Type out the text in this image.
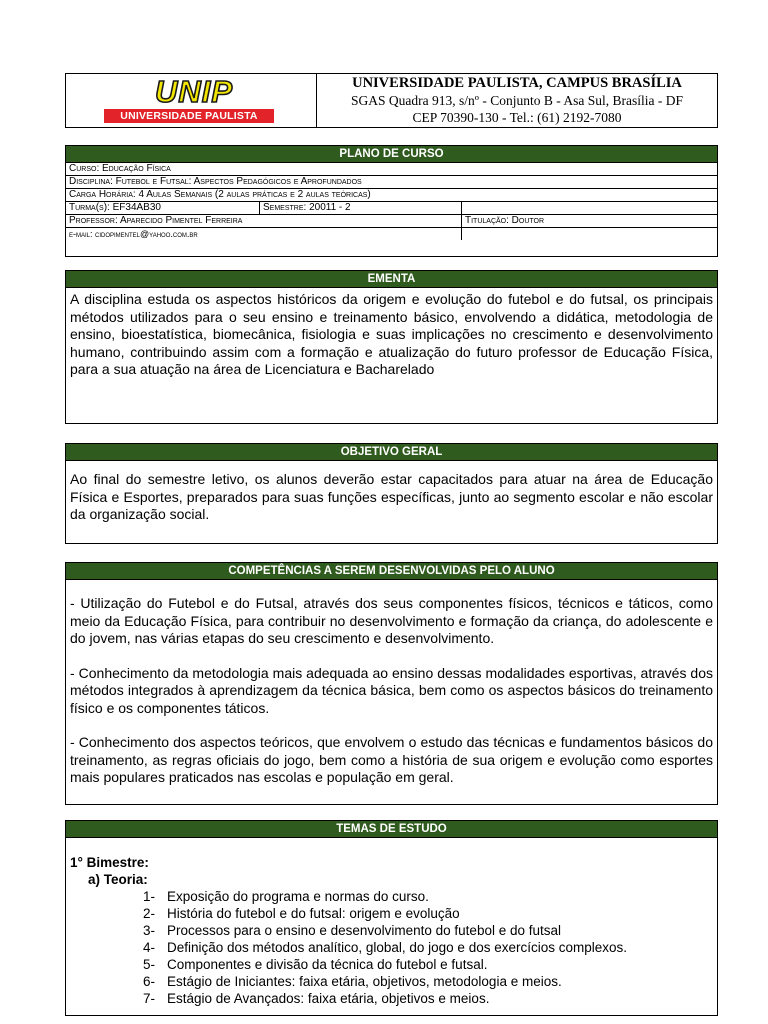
UNIP
UNIVERSIDADE PAULISTA
UNIVERSIDADE PAULISTA, CAMPUS BRASÍLIA
SGAS Quadra 913, s/nº - Conjunto B - Asa Sul, Brasília - DF
CEP 70390-130 - Tel.: (61) 2192-7080
PLANO DE CURSO
Curso: Educação Física
Disciplina: Futebol e Futsal: Aspectos Pedagógicos e Aprofundados
Carga Horária: 4 Aulas Semanais (2 aulas práticas e 2 aulas teóricas)
Turma(s): EF34AB30	Semestre: 20011 - 2
Professor: Aparecido Pimentel Ferreira	Titulação: Doutor
e-mail: cidopimentel@yahoo.com.br
EMENTA

A disciplina estuda os aspectos históricos da origem e evolução do futebol e do futsal, os principais métodos utilizados para o seu ensino e treinamento básico, envolvendo a didática, metodologia de ensino, bioestatística, biomecânica, fisiologia e suas implicações no crescimento e desenvolvimento humano, contribuindo assim com a formação e atualização do futuro professor de Educação Física, para a sua atuação na área de Licenciatura e Bacharelado

OBJETIVO GERAL

Ao final do semestre letivo, os alunos deverão estar capacitados para atuar na área de Educação Física e Esportes, preparados para suas funções específicas, junto ao segmento escolar e não escolar da organização social.

COMPETÊNCIAS A SEREM DESENVOLVIDAS PELO ALUNO

- Utilização do Futebol e do Futsal, através dos seus componentes físicos, técnicos e táticos, como meio da Educação Física, para contribuir no desenvolvimento e formação da criança, do adolescente e do jovem, nas várias etapas do seu crescimento e desenvolvimento.

- Conhecimento da metodologia mais adequada ao ensino dessas modalidades esportivas, através dos métodos integrados à aprendizagem da técnica básica, bem como os aspectos básicos do treinamento físico e os componentes táticos.

- Conhecimento dos aspectos teóricos, que envolvem o estudo das técnicas e fundamentos básicos do treinamento, as regras oficiais do jogo, bem como a história de sua origem e evolução como esportes mais populares praticados nas escolas e população em geral.

TEMAS DE ESTUDO
1° Bimestre:
a) Teoria:
1- Exposição do programa e normas do curso.
2- História do futebol e do futsal: origem e evolução
3- Processos para o ensino e desenvolvimento do futebol e do futsal
4- Definição dos métodos analítico, global, do jogo e dos exercícios complexos.
5- Componentes e divisão da técnica do futebol e futsal.
6- Estágio de Iniciantes: faixa etária, objetivos, metodologia e meios.
7- Estágio de Avançados: faixa etária, objetivos e meios.
